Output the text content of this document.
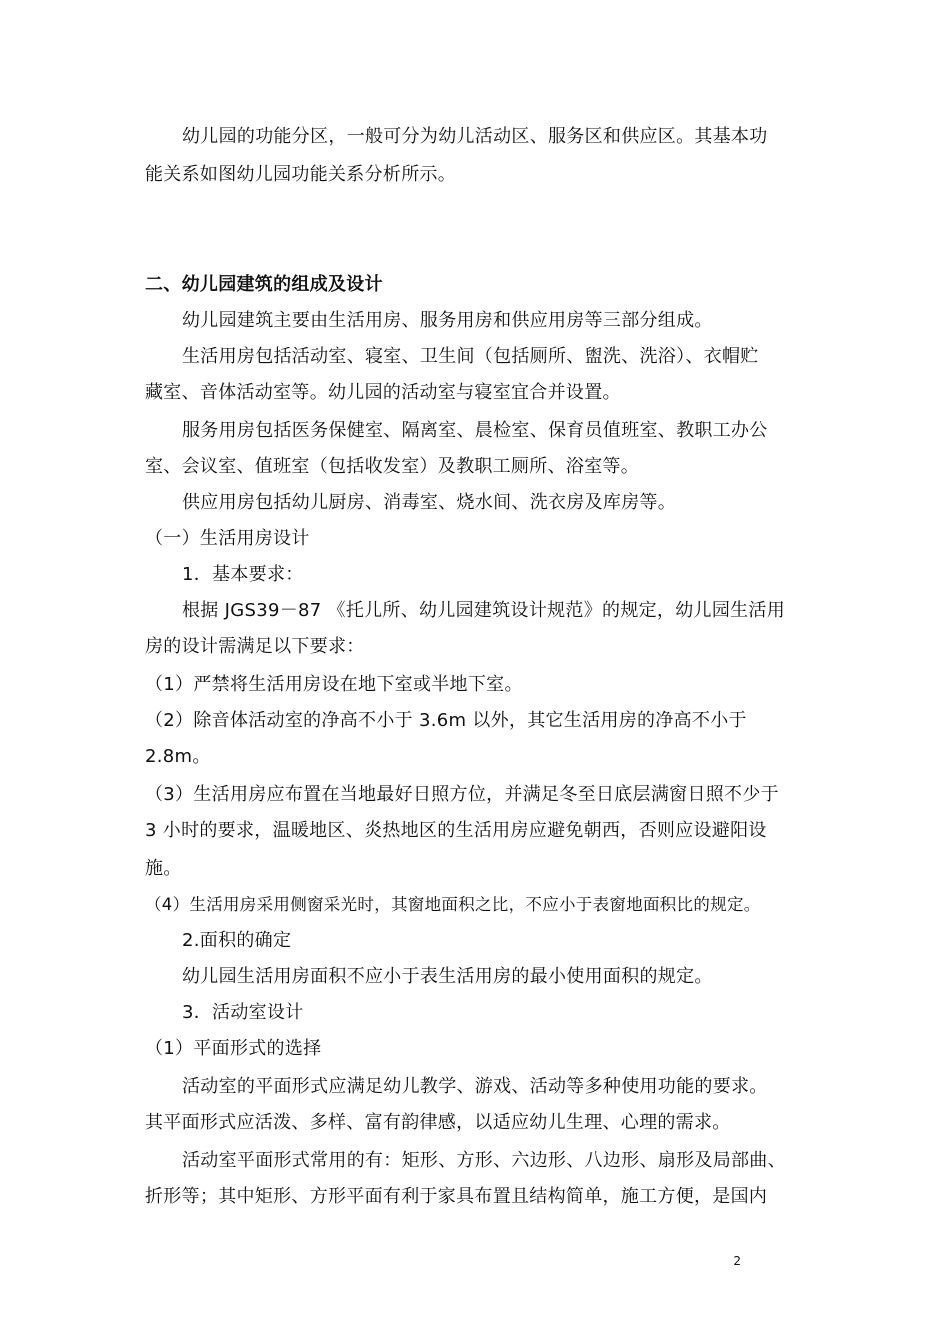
幼儿园的功能分区，一般可分为幼儿活动区、服务区和供应区。其基本功
能关系如图幼儿园功能关系分析所示。
二、幼儿园建筑的组成及设计
幼儿园建筑主要由生活用房、服务用房和供应用房等三部分组成。
生活用房包括活动室、寝室、卫生间（包括厕所、盥洗、洗浴）、衣帽贮
藏室、音体活动室等。幼儿园的活动室与寝室宜合并设置。
服务用房包括医务保健室、隔离室、晨检室、保育员值班室、教职工办公
室、会议室、值班室（包括收发室）及教职工厕所、浴室等。
供应用房包括幼儿厨房、消毒室、烧水间、洗衣房及库房等。
（一）生活用房设计
1．基本要求：
根据 JGS39－87 《托儿所、幼儿园建筑设计规范》的规定，幼儿园生活用
房的设计需满足以下要求：
（1）严禁将生活用房设在地下室或半地下室。
（2）除音体活动室的净高不小于 3.6m 以外，其它生活用房的净高不小于
2.8m。
（3）生活用房应布置在当地最好日照方位，并满足冬至日底层满窗日照不少于
3 小时的要求，温暖地区、炎热地区的生活用房应避免朝西，否则应设避阳设
施。
（4）生活用房采用侧窗采光时，其窗地面积之比，不应小于表窗地面积比的规定。
2.面积的确定
幼儿园生活用房面积不应小于表生活用房的最小使用面积的规定。
3．活动室设计
（1）平面形式的选择
活动室的平面形式应满足幼儿教学、游戏、活动等多种使用功能的要求。
其平面形式应活泼、多样、富有韵律感，以适应幼儿生理、心理的需求。
活动室平面形式常用的有：矩形、方形、六边形、八边形、扇形及局部曲、
折形等；其中矩形、方形平面有利于家具布置且结构简单，施工方便，是国内
2
